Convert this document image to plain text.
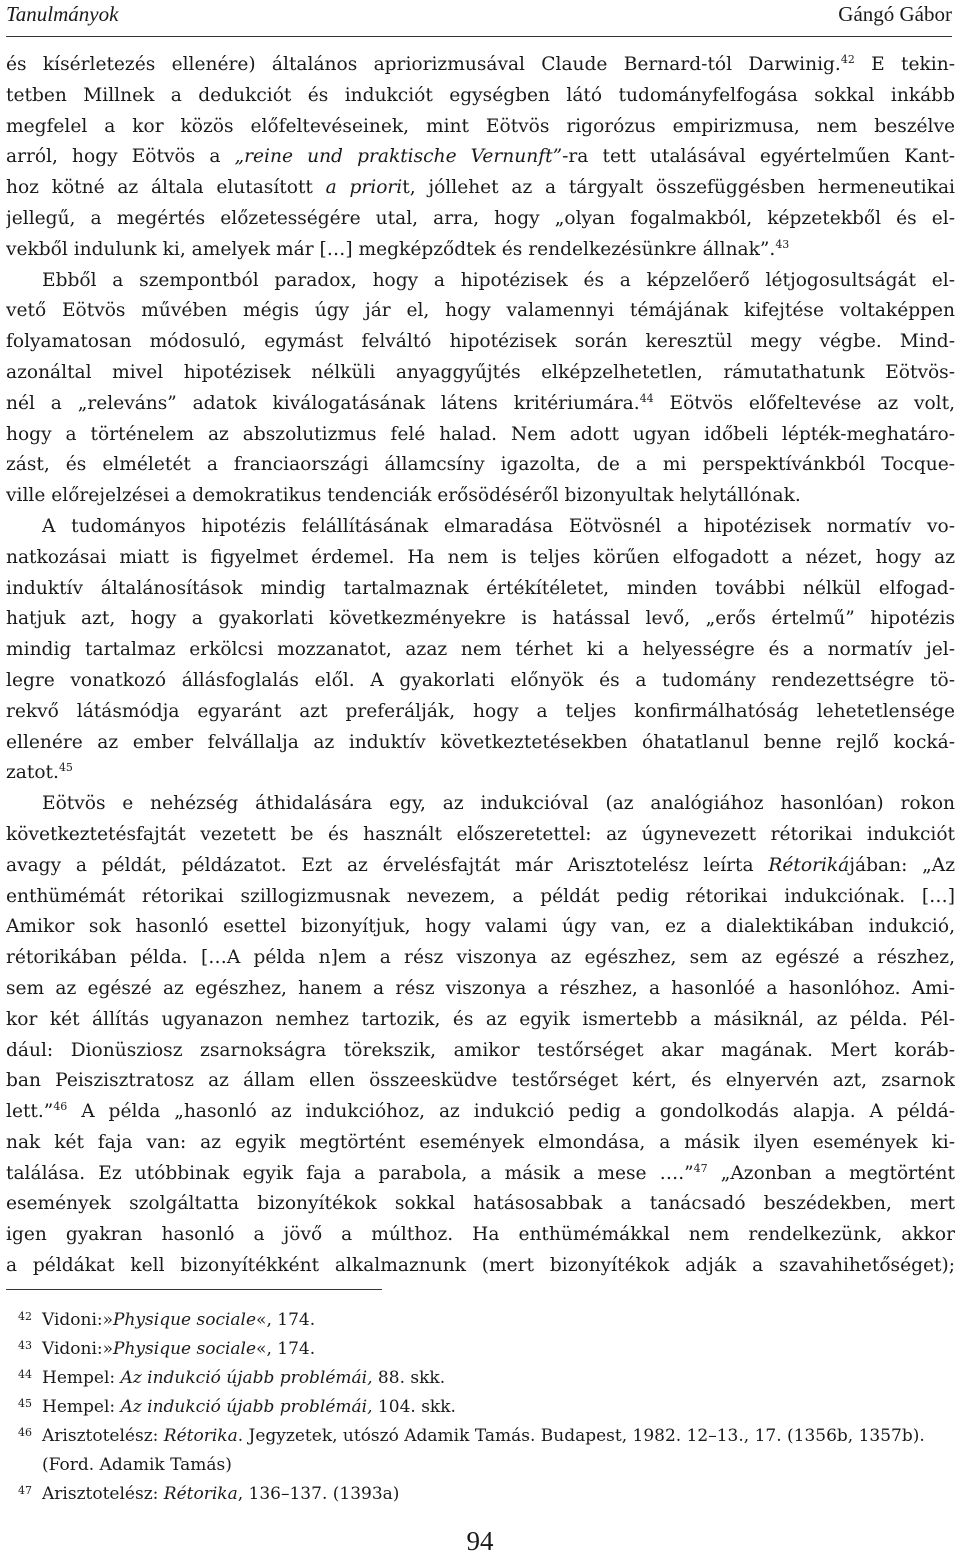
Tanulmányok	Gángó Gábor
és kísérletezés ellenére) általános apriorizmusával Claude Bernard-tól Darwinig.$^{42}$ E tekin-
tetben Millnek a dedukciót és indukciót egységben látó tudományfelfogása sokkal inkább
megfelel a kor közös előfeltevéseinek, mint Eötvös rigorózus empirizmusa, nem beszélve
arról, hogy Eötvös a „reine und praktische Vernunft”-ra tett utalásával egyértelműen Kant-
hoz kötné az általa elutasított a priorit, jóllehet az a tárgyalt összefüggésben hermeneutikai
jellegű, a megértés előzetességére utal, arra, hogy „olyan fogalmakból, képzetekből és el-
vekből indulunk ki, amelyek már […] megképződtek és rendelkezésünkre állnak”.$^{43}$
Ebből a szempontból paradox, hogy a hipotézisek és a képzelőerő létjogosultságát el-
vető Eötvös művében mégis úgy jár el, hogy valamennyi témájának kifejtése voltaképpen
folyamatosan módosuló, egymást felváltó hipotézisek során keresztül megy végbe. Mind-
azonáltal mivel hipotézisek nélküli anyaggyűjtés elképzelhetetlen, rámutathatunk Eötvös-
nél a „releváns” adatok kiválogatásának látens kritériumára.$^{44}$ Eötvös előfeltevése az volt,
hogy a történelem az abszolutizmus felé halad. Nem adott ugyan időbeli lépték-meghatáro-
zást, és elméletét a franciaországi államcsíny igazolta, de a mi perspektívánkból Tocque-
ville előrejelzései a demokratikus tendenciák erősödéséről bizonyultak helytállónak.
A tudományos hipotézis felállításának elmaradása Eötvösnél a hipotézisek normatív vo-
natkozásai miatt is figyelmet érdemel. Ha nem is teljes körűen elfogadott a nézet, hogy az
induktív általánosítások mindig tartalmaznak értékítéletet, minden további nélkül elfogad-
hatjuk azt, hogy a gyakorlati következményekre is hatással levő, „erős értelmű” hipotézis
mindig tartalmaz erkölcsi mozzanatot, azaz nem térhet ki a helyességre és a normatív jel-
legre vonatkozó állásfoglalás elől. A gyakorlati előnyök és a tudomány rendezettségre tö-
rekvő látásmódja egyaránt azt preferálják, hogy a teljes konfirmálhatóság lehetetlensége
ellenére az ember felvállalja az induktív következtetésekben óhatatlanul benne rejlő kocká-
zatot.$^{45}$
Eötvös e nehézség áthidalására egy, az indukcióval (az analógiához hasonlóan) rokon
következtetésfajtát vezetett be és használt előszeretettel: az úgynevezett rétorikai indukciót
avagy a példát, példázatot. Ezt az érvelésfajtát már Arisztotelész leírta Rétorikájában: „Az
enthümémát rétorikai szillogizmusnak nevezem, a példát pedig rétorikai indukciónak. […]
Amikor sok hasonló esettel bizonyítjuk, hogy valami úgy van, ez a dialektikában indukció,
rétorikában példa. […A példa n]em a rész viszonya az egészhez, sem az egészé a részhez,
sem az egészé az egészhez, hanem a rész viszonya a részhez, a hasonlóé a hasonlóhoz. Ami-
kor két állítás ugyanazon nemhez tartozik, és az egyik ismertebb a másiknál, az példa. Pél-
dául: Dionüsziosz zsarnokságra törekszik, amikor testőrséget akar magának. Mert koráb-
ban Peiszisztratosz az állam ellen összeesküdve testőrséget kért, és elnyervén azt, zsarnok
lett.”$^{46}$ A példa „hasonló az indukcióhoz, az indukció pedig a gondolkodás alapja. A példá-
nak két faja van: az egyik megtörtént események elmondása, a másik ilyen események ki-
találása. Ez utóbbinak egyik faja a parabola, a másik a mese ….”$^{47}$ „Azonban a megtörtént
események szolgáltatta bizonyítékok sokkal hatásosabbak a tanácsadó beszédekben, mert
igen gyakran hasonló a jövő a múlthoz. Ha enthümémákkal nem rendelkezünk, akkor
a példákat kell bizonyítékként alkalmaznunk (mert bizonyítékok adják a szavahihetőséget);
42 Vidoni:»Physique sociale«, 174.
43 Vidoni:»Physique sociale«, 174.
44 Hempel: Az indukció újabb problémái, 88. skk.
45 Hempel: Az indukció újabb problémái, 104. skk.
46 Arisztotelész: Rétorika. Jegyzetek, utószó Adamik Tamás. Budapest, 1982. 12–13., 17. (1356b, 1357b). (Ford. Adamik Tamás)
47 Arisztotelész: Rétorika, 136–137. (1393a)
94
